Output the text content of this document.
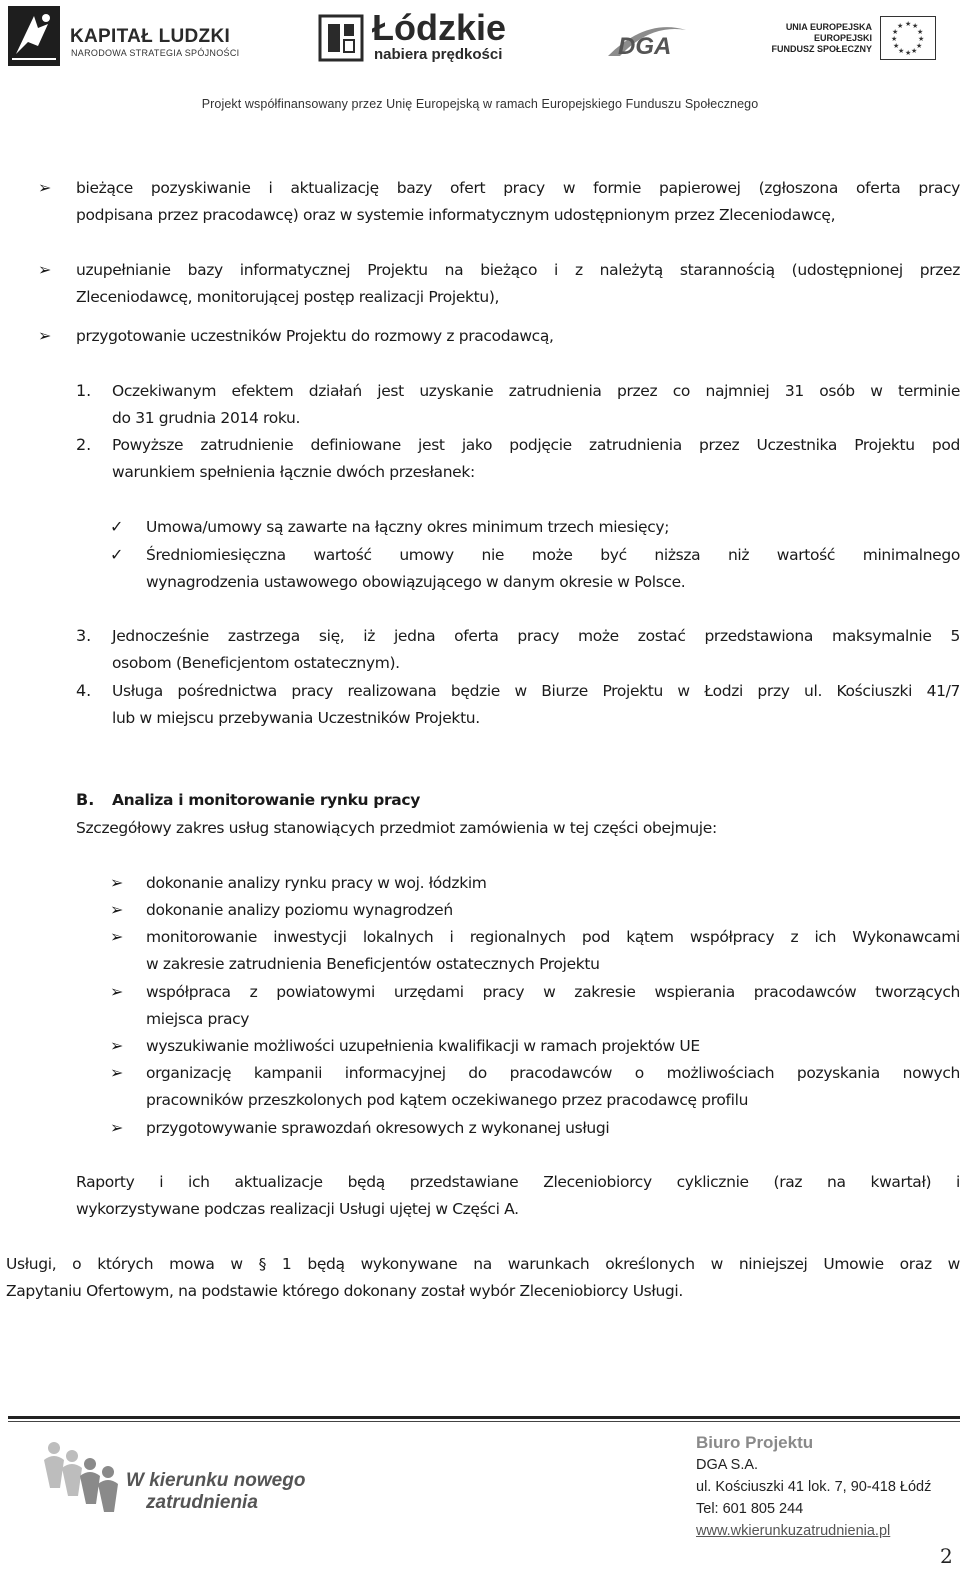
KAPITAŁ LUDZKI
NARODOWA STRATEGIA SPÓJNOŚCI
Łódzkie
nabiera prędkości	DGA
UNIA EUROPEJSKA
EUROPEJSKI
FUNDUSZ SPOŁECZNY
★ ★
★
★
★
★
★
★
★
★
★
★
Projekt współfinansowany przez Unię Europejską w ramach Europejskiego Funduszu Społecznego
➢ bieżące pozyskiwanie i aktualizację bazy ofert pracy w formie papierowej (zgłoszona oferta pracy
podpisana przez pracodawcę) oraz w systemie informatycznym udostępnionym przez Zleceniodawcę,
➢ uzupełnianie bazy informatycznej Projektu na bieżąco i z należytą starannością (udostępnionej przez
Zleceniodawcę, monitorującej postęp realizacji Projektu),
➢ przygotowanie uczestników Projektu do rozmowy z pracodawcą,
1. Oczekiwanym efektem działań jest uzyskanie zatrudnienia przez co najmniej 31 osób w terminie
do 31 grudnia 2014 roku.
2. Powyższe zatrudnienie definiowane jest jako podjęcie zatrudnienia przez Uczestnika Projektu pod
warunkiem spełnienia łącznie dwóch przesłanek:
✓ Umowa/umowy są zawarte na łączny okres minimum trzech miesięcy;
✓ Średniomiesięczna wartość umowy nie może być niższa niż wartość minimalnego
wynagrodzenia ustawowego obowiązującego w danym okresie w Polsce.
3. Jednocześnie zastrzega się, iż jedna oferta pracy może zostać przedstawiona maksymalnie 5
osobom (Beneficjentom ostatecznym).
4. Usługa pośrednictwa pracy realizowana będzie w Biurze Projektu w Łodzi przy ul. Kościuszki 41/7
lub w miejscu przebywania Uczestników Projektu.
B. Analiza i monitorowanie rynku pracy
Szczegółowy zakres usług stanowiących przedmiot zamówienia w tej części obejmuje:
➢ dokonanie analizy rynku pracy w woj. łódzkim
➢ dokonanie analizy poziomu wynagrodzeń
➢ monitorowanie inwestycji lokalnych i regionalnych pod kątem współpracy z ich Wykonawcami
w zakresie zatrudnienia Beneficjentów ostatecznych Projektu
➢ współpraca z powiatowymi urzędami pracy w zakresie wspierania pracodawców tworzących
miejsca pracy
➢ wyszukiwanie możliwości uzupełnienia kwalifikacji w ramach projektów UE
➢ organizację kampanii informacyjnej do pracodawców o możliwościach pozyskania nowych
pracowników przeszkolonych pod kątem oczekiwanego przez pracodawcę profilu
➢ przygotowywanie sprawozdań okresowych z wykonanej usługi
Raporty i ich aktualizacje będą przedstawiane Zleceniobiorcy cyklicznie (raz na kwartał) i
wykorzystywane podczas realizacji Usługi ujętej w Części A.
Usługi, o których mowa w § 1 będą wykonywane na warunkach określonych w niniejszej Umowie oraz w
Zapytaniu Ofertowym, na podstawie którego dokonany został wybór Zleceniobiorcy Usługi.
W kierunku nowego
zatrudnienia
Biuro Projektu
DGA S.A.
ul. Kościuszki 41 lok. 7, 90-418 Łódź
Tel: 601 805 244
www.wkierunkuzatrudnienia.pl
2
